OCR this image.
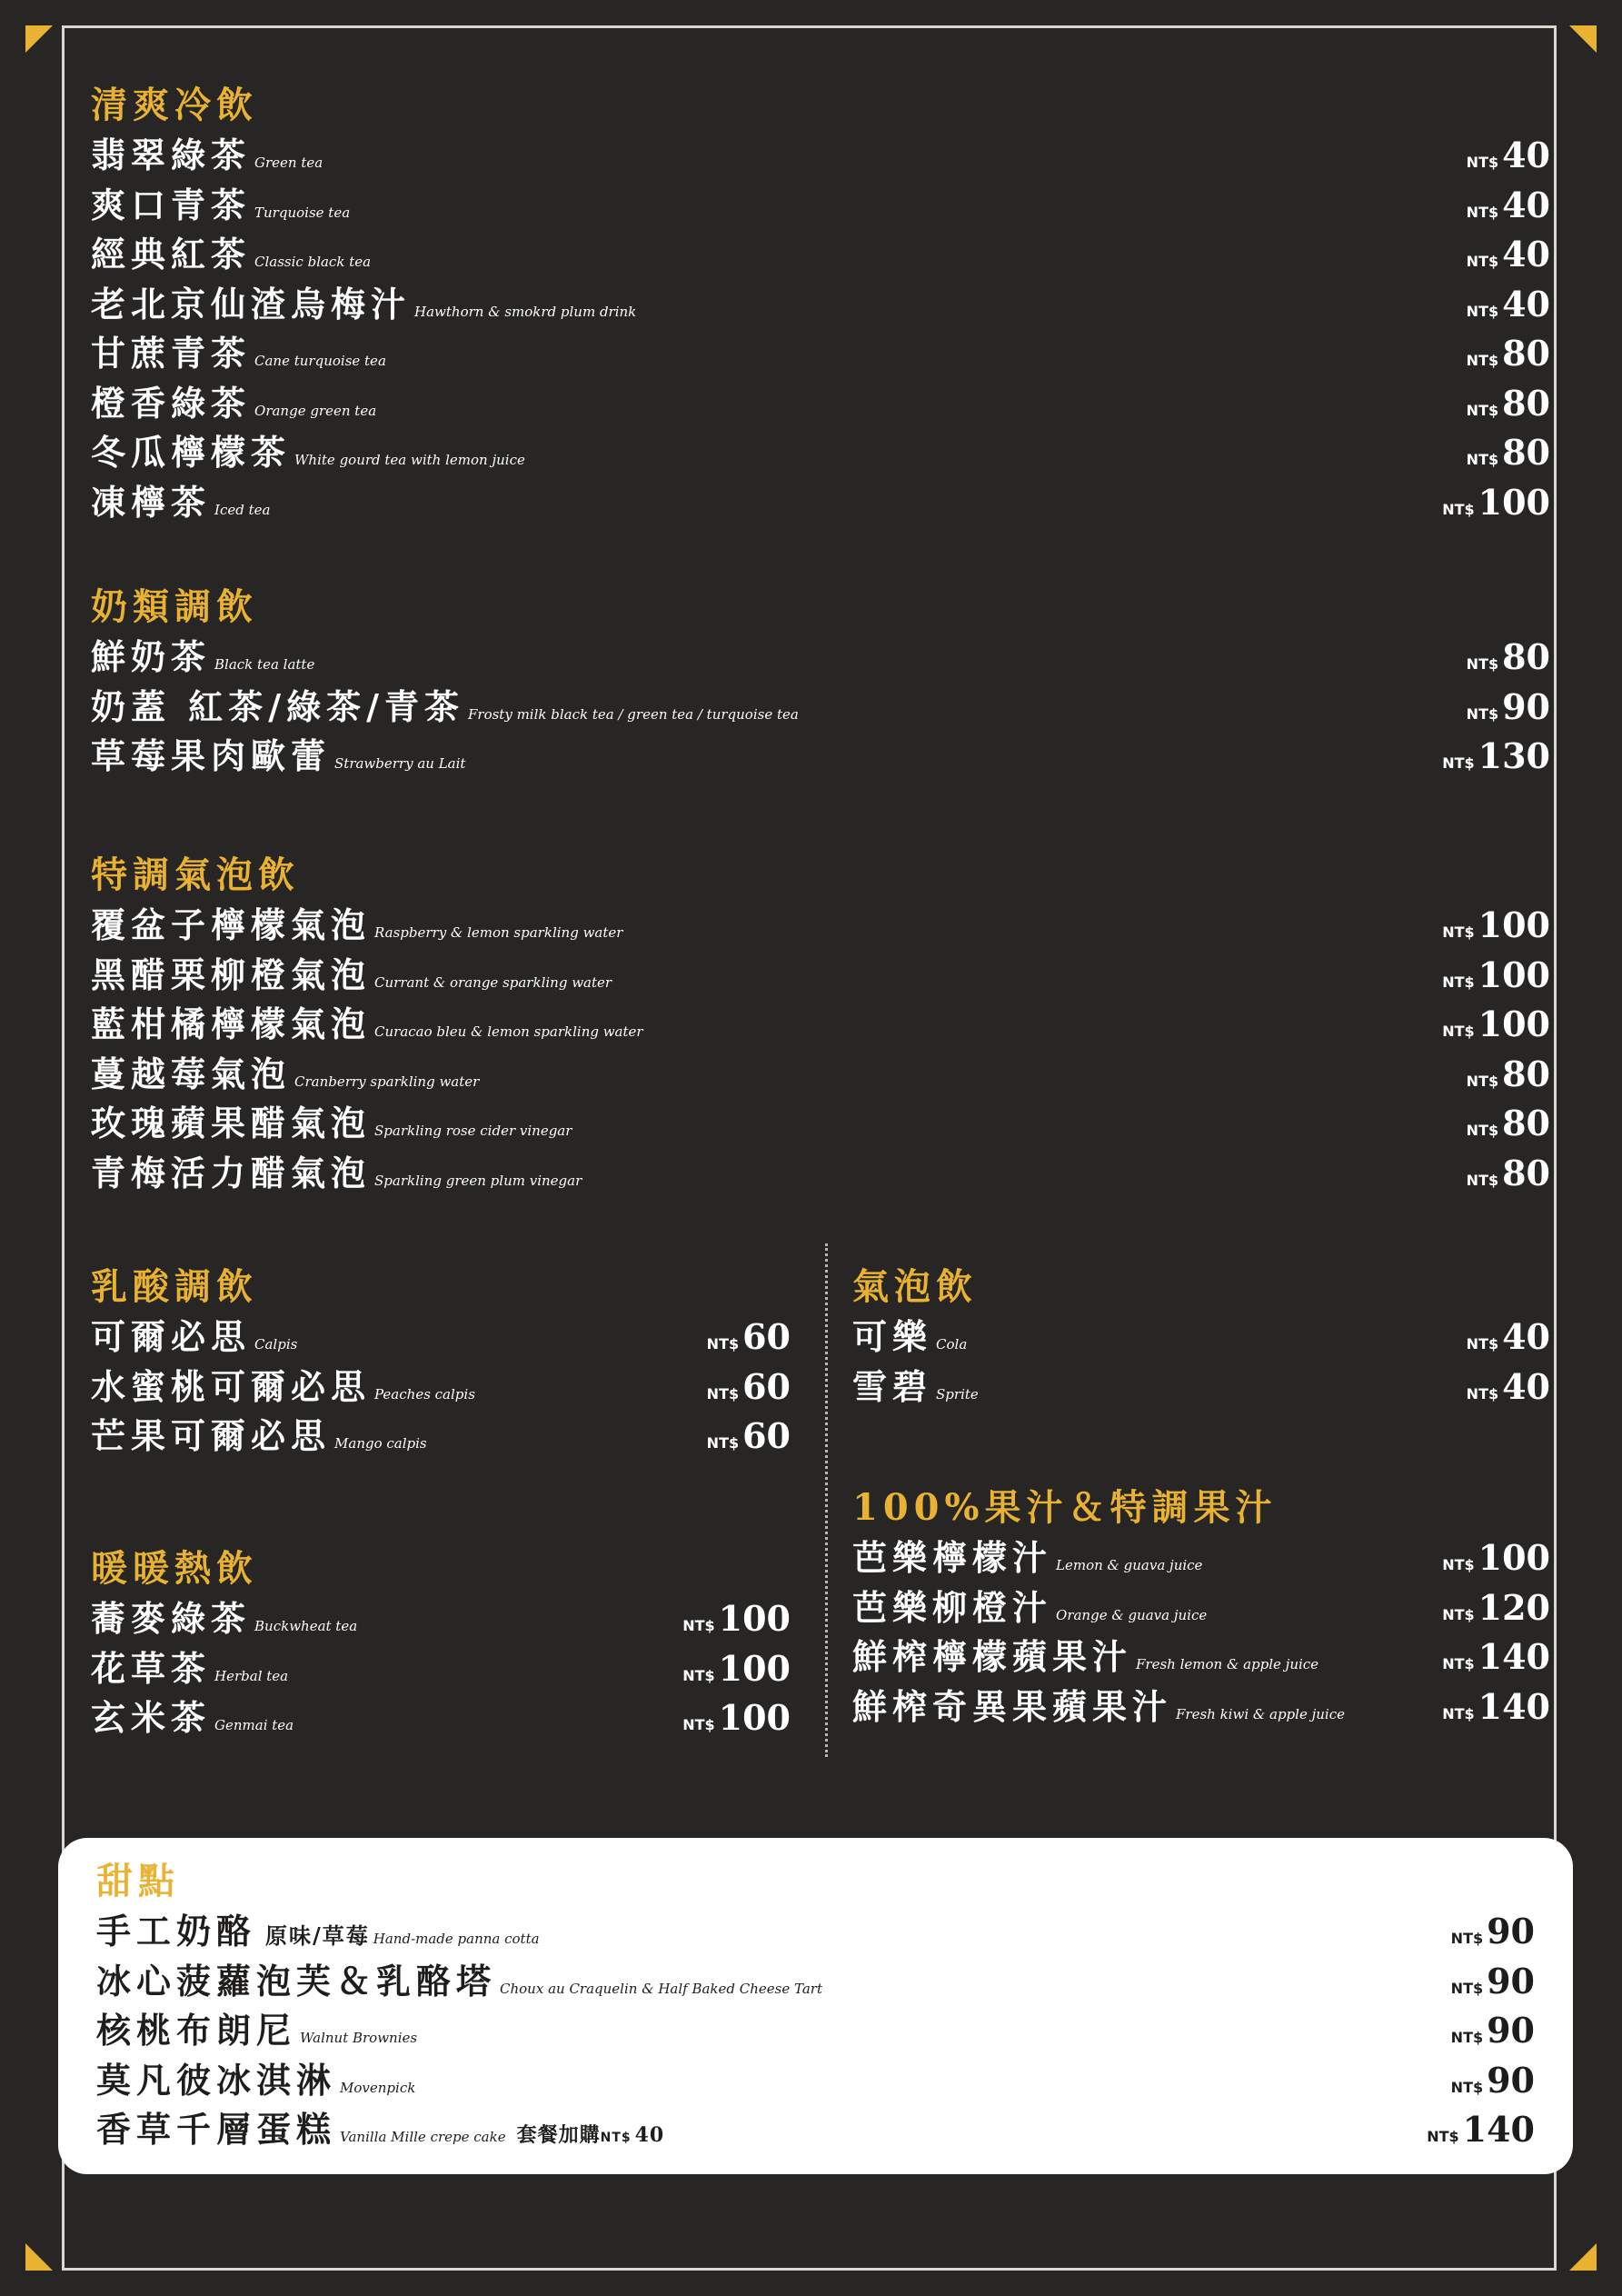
清爽冷飲
翡翠綠茶 Green tea	NT$ 40
爽口青茶 Turquoise tea	NT$ 40
經典紅茶 Classic black tea	NT$ 40
老北京仙渣烏梅汁 Hawthorn & smokrd plum drink	NT$ 40
甘蔗青茶 Cane turquoise tea	NT$ 80
橙香綠茶 Orange green tea	NT$ 80
冬瓜檸檬茶 White gourd tea with lemon juice	NT$ 80
凍檸茶 Iced tea	NT$ 100
奶類調飲
鮮奶茶 Black tea latte	NT$ 80
奶蓋 紅茶/綠茶/青茶 Frosty milk black tea / green tea / turquoise tea	NT$ 90
草莓果肉歐蕾 Strawberry au Lait	NT$ 130
特調氣泡飲
覆盆子檸檬氣泡 Raspberry & lemon sparkling water	NT$ 100
黑醋栗柳橙氣泡 Currant & orange sparkling water	NT$ 100
藍柑橘檸檬氣泡 Curacao bleu & lemon sparkling water	NT$ 100
蔓越莓氣泡 Cranberry sparkling water	NT$ 80
玫瑰蘋果醋氣泡 Sparkling rose cider vinegar	NT$ 80
青梅活力醋氣泡 Sparkling green plum vinegar	NT$ 80
乳酸調飲
可爾必思 Calpis	NT$ 60
水蜜桃可爾必思 Peaches calpis	NT$ 60
芒果可爾必思 Mango calpis	NT$ 60
暖暖熱飲
蕎麥綠茶 Buckwheat tea	NT$ 100
花草茶 Herbal tea	NT$ 100
玄米茶 Genmai tea	NT$ 100
氣泡飲
可樂 Cola	NT$ 40
雪碧 Sprite	NT$ 40
100%果汁＆特調果汁
芭樂檸檬汁 Lemon & guava juice	NT$ 100
芭樂柳橙汁 Orange & guava juice	NT$ 120
鮮榨檸檬蘋果汁 Fresh lemon & apple juice	NT$ 140
鮮榨奇異果蘋果汁 Fresh kiwi & apple juice	NT$ 140
甜點
手工奶酪 原味/草莓 Hand-made panna cotta	NT$ 90
冰心菠蘿泡芙＆乳酪塔 Choux au Craquelin & Half Baked Cheese Tart	NT$ 90
核桃布朗尼 Walnut Brownies	NT$ 90
莫凡彼冰淇淋 Movenpick	NT$ 90
香草千層蛋糕 Vanilla Mille crepe cake 套餐加購NT$ 40	NT$ 140
